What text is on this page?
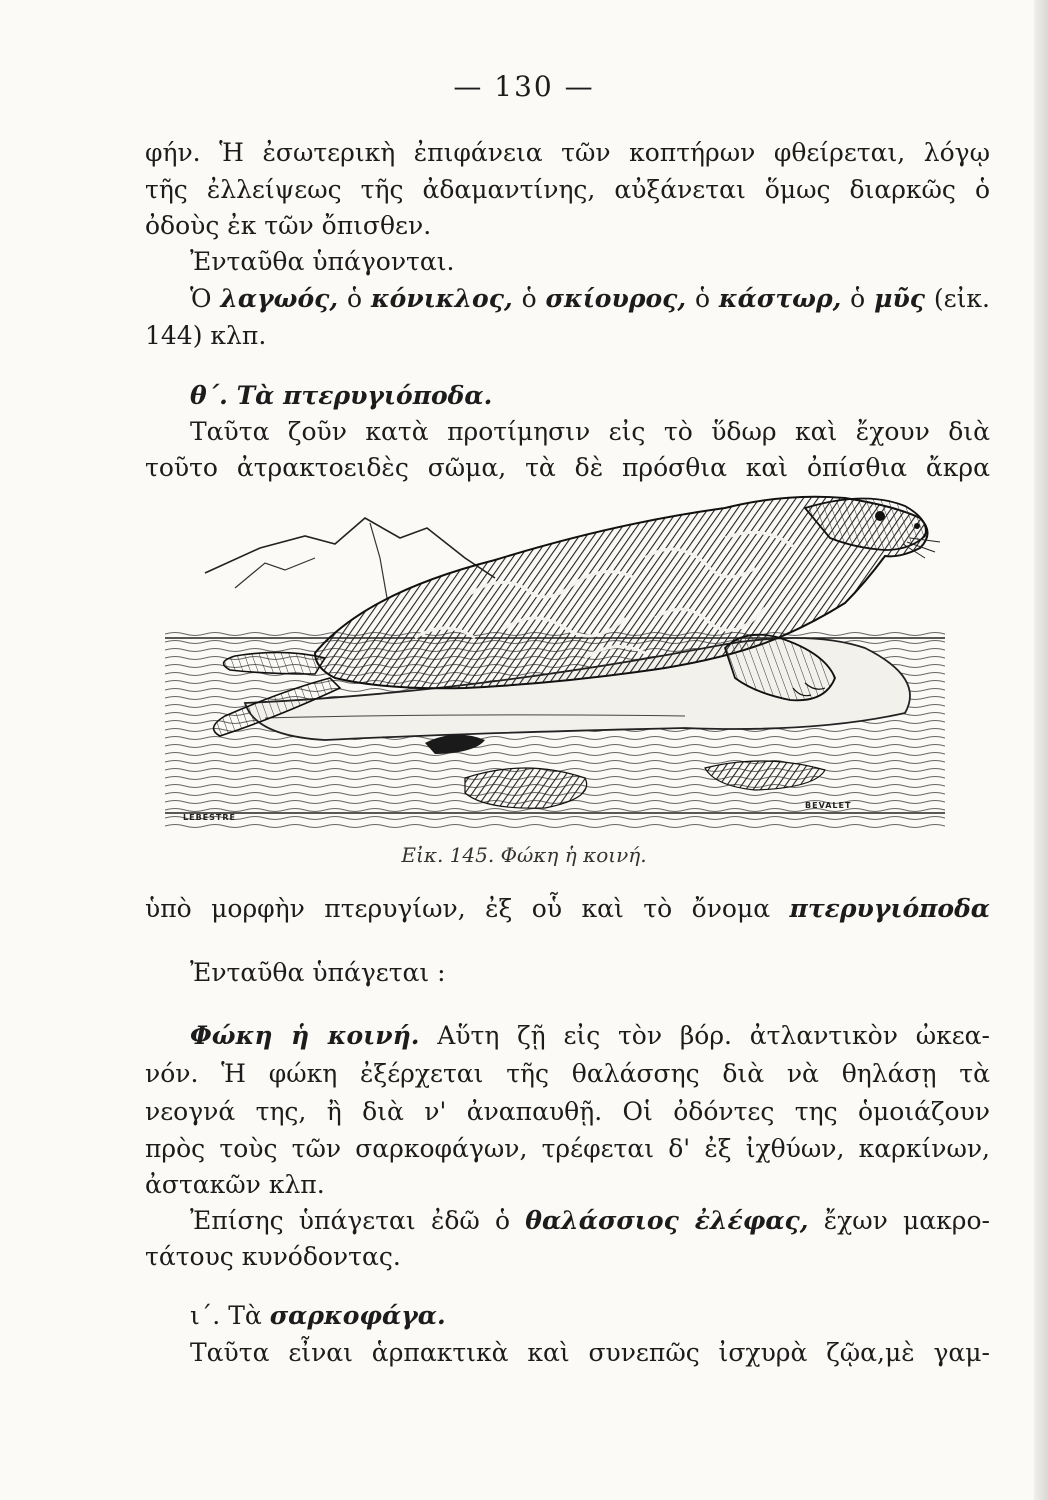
— 130 —
φήν. Ἡ ἐσωτερικὴ ἐπιφάνεια τῶν κοπτήρων φθείρεται, λόγῳ
τῆς ἐλλείψεως τῆς ἀδαμαντίνης, αὐξάνεται ὅμως διαρκῶς ὁ
ὀδοὺς ἐκ τῶν ὄπισθεν.
Ἐνταῦθα ὑπάγονται.
Ὁ λαγωός, ὁ κόνικλος, ὁ σκίουρος, ὁ κάστωρ, ὁ μῦς (εἰκ.
144) κλπ.
θ΄. Τὰ πτερυγιόποδα.
Ταῦτα ζοῦν κατὰ προτίμησιν εἰς τὸ ὕδωρ καὶ ἔχουν διὰ
τοῦτο ἀτρακτοειδὲς σῶμα, τὰ δὲ πρόσθια καὶ ὀπίσθια ἄκρα
LEBESTRE
BEVALET
Εἰκ. 145. Φώκη ἡ κοινή.
ὑπὸ μορφὴν πτερυγίων, ἐξ οὗ καὶ τὸ ὄνομα πτερυγιόποδα
Ἐνταῦθα ὑπάγεται :
Φώκη ἡ κοινή. Αὕτη ζῇ εἰς τὸν βόρ. ἀτλαντικὸν ὠκεα-
νόν. Ἡ φώκη ἐξέρχεται τῆς θαλάσσης διὰ νὰ θηλάσῃ τὰ
νεογνά της, ἢ διὰ ν' ἀναπαυθῇ. Οἱ ὀδόντες της ὁμοιάζουν
πρὸς τοὺς τῶν σαρκοφάγων, τρέφεται δ' ἐξ ἰχθύων, καρκίνων,
ἀστακῶν κλπ.
Ἐπίσης ὑπάγεται ἐδῶ ὁ θαλάσσιος ἐλέφας, ἔχων μακρο-
τάτους κυνόδοντας.
ι΄. Τὰ σαρκοφάγα.
Ταῦτα εἶναι ἁρπακτικὰ καὶ συνεπῶς ἰσχυρὰ ζῷα,μὲ γαμ-
